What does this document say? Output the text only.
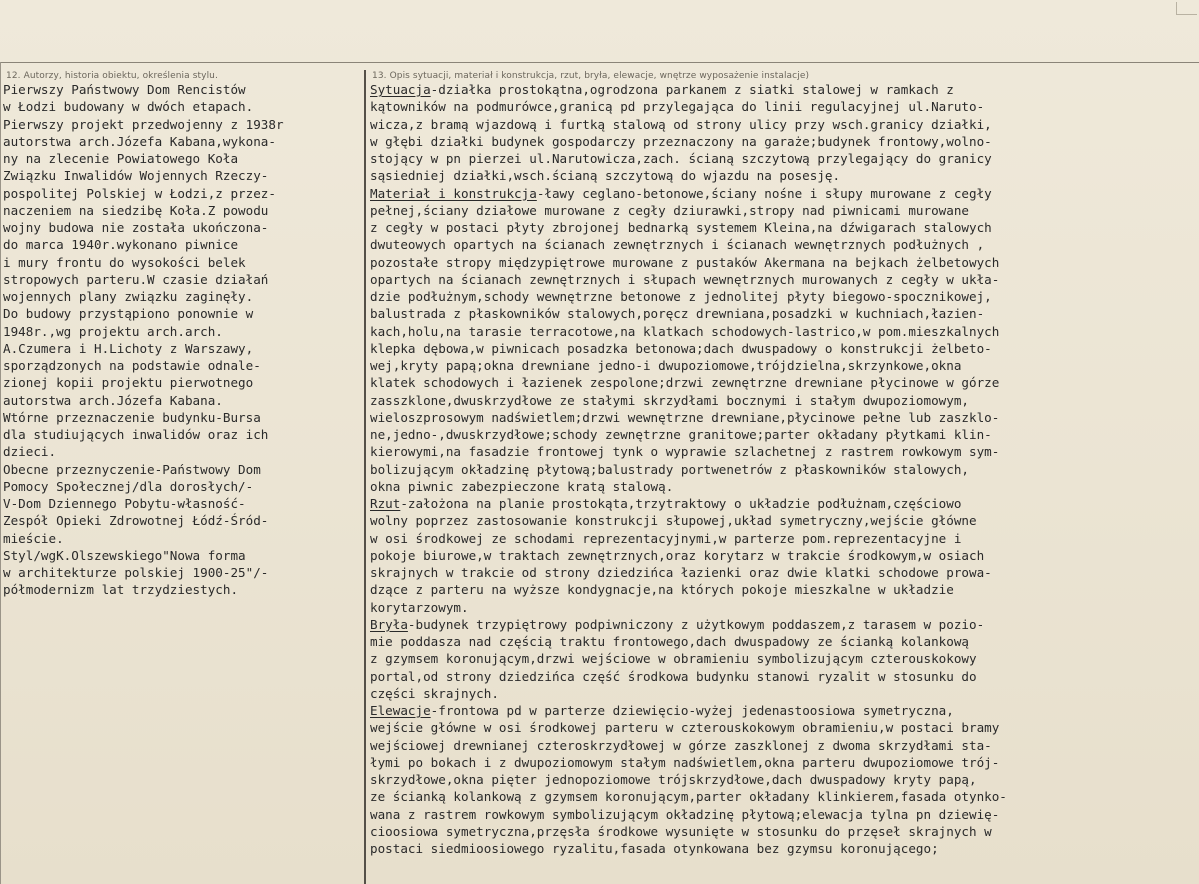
12. Autorzy, historia obiektu, określenia stylu.	13. Opis sytuacji, materiał i konstrukcja, rzut, bryła, elewacje, wnętrze wyposażenie instalacje)
Pierwszy Państwowy Dom Rencistów
w Łodzi budowany w dwóch etapach.
Pierwszy projekt przedwojenny z 1938r
autorstwa arch.Józefa Kabana,wykona-
ny na zlecenie Powiatowego Koła
Związku Inwalidów Wojennych Rzeczy-
pospolitej Polskiej w Łodzi,z przez-
naczeniem na siedzibę Koła.Z powodu
wojny budowa nie została ukończona-
do marca 1940r.wykonano piwnice
i mury frontu do wysokości belek
stropowych parteru.W czasie działań
wojennych plany związku zaginęły.
Do budowy przystąpiono ponownie w
1948r.,wg projektu arch.arch.
A.Czumera i H.Lichoty z Warszawy,
sporządzonych na podstawie odnale-
zionej kopii projektu pierwotnego
autorstwa arch.Józefa Kabana.
Wtórne przeznaczenie budynku-Bursa
dla studiujących inwalidów oraz ich
dzieci.
Obecne przeznyczenie-Państwowy Dom
Pomocy Społecznej/dla dorosłych/-
V-Dom Dziennego Pobytu-własność-
Zespół Opieki Zdrowotnej Łódź-Śród-
mieście.
Styl/wgK.Olszewskiego"Nowa forma
w architekturze polskiej 1900-25"/-
półmodernizm lat trzydziestych.
Sytuacja-działka prostokątna,ogrodzona parkanem z siatki stalowej w ramkach z
kątowników na podmurówce,granicą pd przylegająca do linii regulacyjnej ul.Naruto-
wicza,z bramą wjazdową i furtką stalową od strony ulicy przy wsch.granicy działki,
w głębi działki budynek gospodarczy przeznaczony na garaże;budynek frontowy,wolno-
stojący w pn pierzei ul.Narutowicza,zach. ścianą szczytową przylegający do granicy
sąsiedniej działki,wsch.ścianą szczytową do wjazdu na posesję.
Materiał i konstrukcja-ławy ceglano-betonowe,ściany nośne i słupy murowane z cegły
pełnej,ściany działowe murowane z cegły dziurawki,stropy nad piwnicami murowane
z cegły w postaci płyty zbrojonej bednarką systemem Kleina,na dźwigarach stalowych
dwuteowych opartych na ścianach zewnętrznych i ścianach wewnętrznych podłużnych ,
pozostałe stropy międzypiętrowe murowane z pustaków Akermana na bejkach żelbetowych
opartych na ścianach zewnętrznych i słupach wewnętrznych murowanych z cegły w ukła-
dzie podłużnym,schody wewnętrzne betonowe z jednolitej płyty biegowo-spocznikowej,
balustrada z płaskowników stalowych,poręcz drewniana,posadzki w kuchniach,łazien-
kach,holu,na tarasie terracotowe,na klatkach schodowych-lastrico,w pom.mieszkalnych
klepka dębowa,w piwnicach posadzka betonowa;dach dwuspadowy o konstrukcji żelbeto-
wej,kryty papą;okna drewniane jedno-i dwupoziomowe,trójdzielna,skrzynkowe,okna
klatek schodowych i łazienek zespolone;drzwi zewnętrzne drewniane płycinowe w górze
zasszklone,dwuskrzydłowe ze stałymi skrzydłami bocznymi i stałym dwupoziomowym,
wieloszprosowym nadświetlem;drzwi wewnętrzne drewniane,płycinowe pełne lub zaszklo-
ne,jedno-,dwuskrzydłowe;schody zewnętrzne granitowe;parter okładany płytkami klin-
kierowymi,na fasadzie frontowej tynk o wyprawie szlachetnej z rastrem rowkowym sym-
bolizującym okładzinę płytową;balustrady portwenetrów z płaskowników stalowych,
okna piwnic zabezpieczone kratą stalową.
Rzut-założona na planie prostokąta,trzytraktowy o układzie podłużnam,częściowo
wolny poprzez zastosowanie konstrukcji słupowej,układ symetryczny,wejście główne
w osi środkowej ze schodami reprezentacyjnymi,w parterze pom.reprezentacyjne i
pokoje biurowe,w traktach zewnętrznych,oraz korytarz w trakcie środkowym,w osiach
skrajnych w trakcie od strony dziedzińca łazienki oraz dwie klatki schodowe prowa-
dzące z parteru na wyższe kondygnacje,na których pokoje mieszkalne w układzie
korytarzowym.
Bryła-budynek trzypiętrowy podpiwniczony z użytkowym poddaszem,z tarasem w pozio-
mie poddasza nad częścią traktu frontowego,dach dwuspadowy ze ścianką kolankową
z gzymsem koronującym,drzwi wejściowe w obramieniu symbolizującym czterouskokowy
portal,od strony dziedzińca część środkowa budynku stanowi ryzalit w stosunku do
części skrajnych.
Elewacje-frontowa pd w parterze dziewięcio-wyżej jedenastoosiowa symetryczna,
wejście główne w osi środkowej parteru w czterouskokowym obramieniu,w postaci bramy
wejściowej drewnianej czteroskrzydłowej w górze zaszklonej z dwoma skrzydłami sta-
łymi po bokach i z dwupoziomowym stałym nadświetlem,okna parteru dwupoziomowe trój-
skrzydłowe,okna pięter jednopoziomowe trójskrzydłowe,dach dwuspadowy kryty papą,
ze ścianką kolankową z gzymsem koronującym,parter okładany klinkierem,fasada otynko-
wana z rastrem rowkowym symbolizującym okładzinę płytową;elewacja tylna pn dziewię-
cioosiowa symetryczna,przęsła środkowe wysunięte w stosunku do przęseł skrajnych w
postaci siedmioosiowego ryzalitu,fasada otynkowana bez gzymsu koronującego;
